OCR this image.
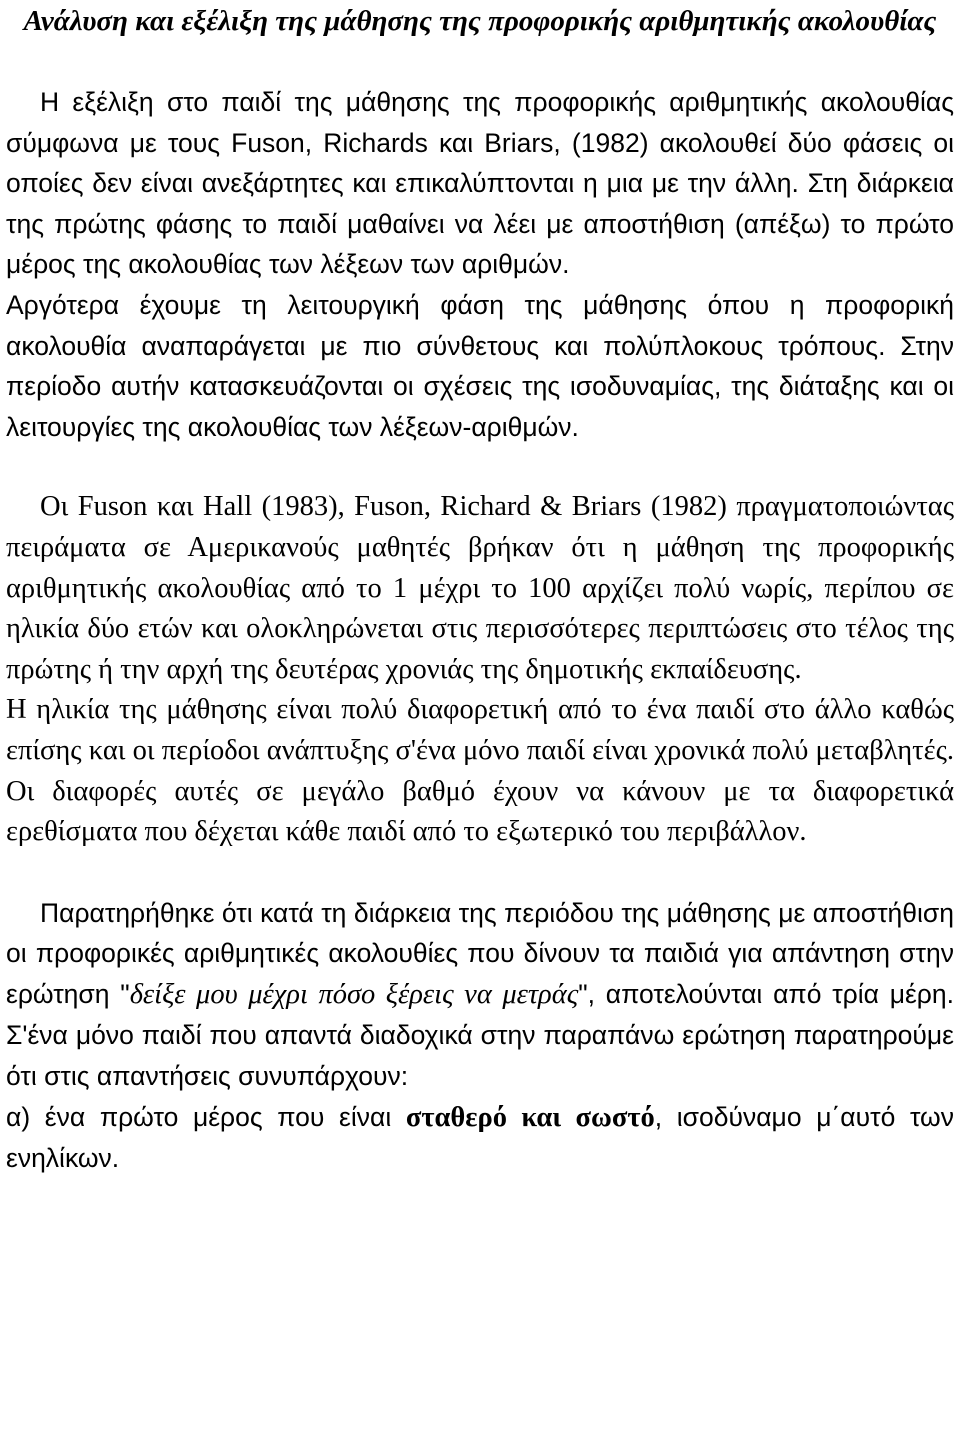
Ανάλυση και εξέλιξη της μάθησης της προφορικής αριθμητικής ακολουθίας

Η εξέλιξη στο παιδί της μάθησης της προφορικής αριθμητικής ακολουθίας σύμφωνα με τους Fuson, Richards και Briars, (1982) ακολουθεί δύο φάσεις οι οποίες δεν είναι ανεξάρτητες και επικαλύπτονται η μια με την άλλη. Στη διάρκεια της πρώτης φάσης το παιδί μαθαίνει να λέει με αποστήθιση (απέξω) το πρώτο μέρος της ακολουθίας των λέξεων των αριθμών.

Αργότερα έχουμε τη λειτουργική φάση της μάθησης όπου η προφορική ακολουθία αναπαράγεται με πιο σύνθετους και πολύπλοκους τρόπους. Στην περίοδο αυτήν κατασκευάζονται οι σχέσεις της ισοδυναμίας, της διάταξης και οι λειτουργίες της ακολουθίας των λέξεων-αριθμών.

Οι Fuson και Hall (1983), Fuson, Richard & Briars (1982) πραγματοποιώντας πειράματα σε Αμερικανούς μαθητές βρήκαν ότι η μάθηση της προφορικής αριθμητικής ακολουθίας από το 1 μέχρι το 100 αρχίζει πολύ νωρίς, περίπου σε ηλικία δύο ετών και ολοκληρώνεται στις περισσότερες περιπτώσεις στο τέλος της πρώτης ή την αρχή της δευτέρας χρονιάς της δημοτικής εκπαίδευσης.

Η ηλικία της μάθησης είναι πολύ διαφορετική από το ένα παιδί στο άλλο καθώς επίσης και οι περίοδοι ανάπτυξης σ'ένα μόνο παιδί είναι χρονικά πολύ μεταβλητές. Οι διαφορές αυτές σε μεγάλο βαθμό έχουν να κάνουν με τα διαφορετικά ερεθίσματα που δέχεται κάθε παιδί από το εξωτερικό του περιβάλλον.

Παρατηρήθηκε ότι κατά τη διάρκεια της περιόδου της μάθησης με αποστήθιση οι προφορικές αριθμητικές ακολουθίες που δίνουν τα παιδιά για απάντηση στην ερώτηση "δείξε μου μέχρι πόσο ξέρεις να μετράς", αποτελούνται από τρία μέρη. Σ'ένα μόνο παιδί που απαντά διαδοχικά στην παραπάνω ερώτηση παρατηρούμε ότι στις απαντήσεις συνυπάρχουν:

α) ένα πρώτο μέρος που είναι σταθερό και σωστό, ισοδύναμο μ΄αυτό των ενηλίκων.
